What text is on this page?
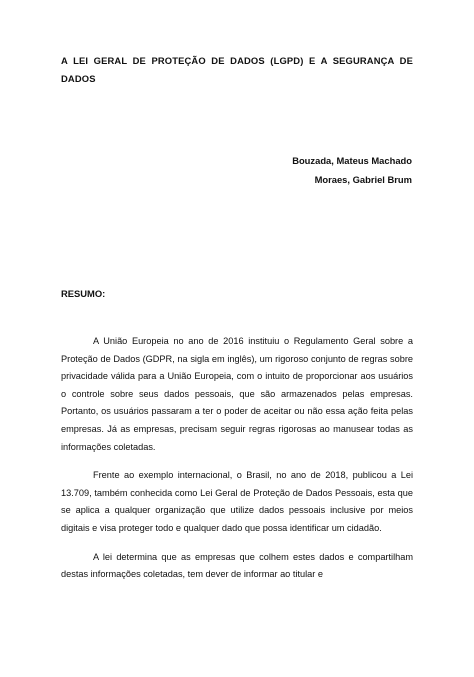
A LEI GERAL DE PROTEÇÃO DE DADOS (LGPD) E A SEGURANÇA DE DADOS
Bouzada, Mateus Machado
Moraes, Gabriel Brum
RESUMO:

A União Europeia no ano de 2016 instituiu o Regulamento Geral sobre a Proteção de Dados (GDPR, na sigla em inglês), um rigoroso conjunto de regras sobre privacidade válida para a União Europeia, com o intuito de proporcionar aos usuários o controle sobre seus dados pessoais, que são armazenados pelas empresas. Portanto, os usuários passaram a ter o poder de aceitar ou não essa ação feita pelas empresas. Já as empresas, precisam seguir regras rigorosas ao manusear todas as informações coletadas.

Frente ao exemplo internacional, o Brasil, no ano de 2018, publicou a Lei 13.709, também conhecida como Lei Geral de Proteção de Dados Pessoais, esta que se aplica a qualquer organização que utilize dados pessoais inclusive por meios digitais e visa proteger todo e qualquer dado que possa identificar um cidadão.

A lei determina que as empresas que colhem estes dados e compartilham destas informações coletadas, tem dever de informar ao titular e
